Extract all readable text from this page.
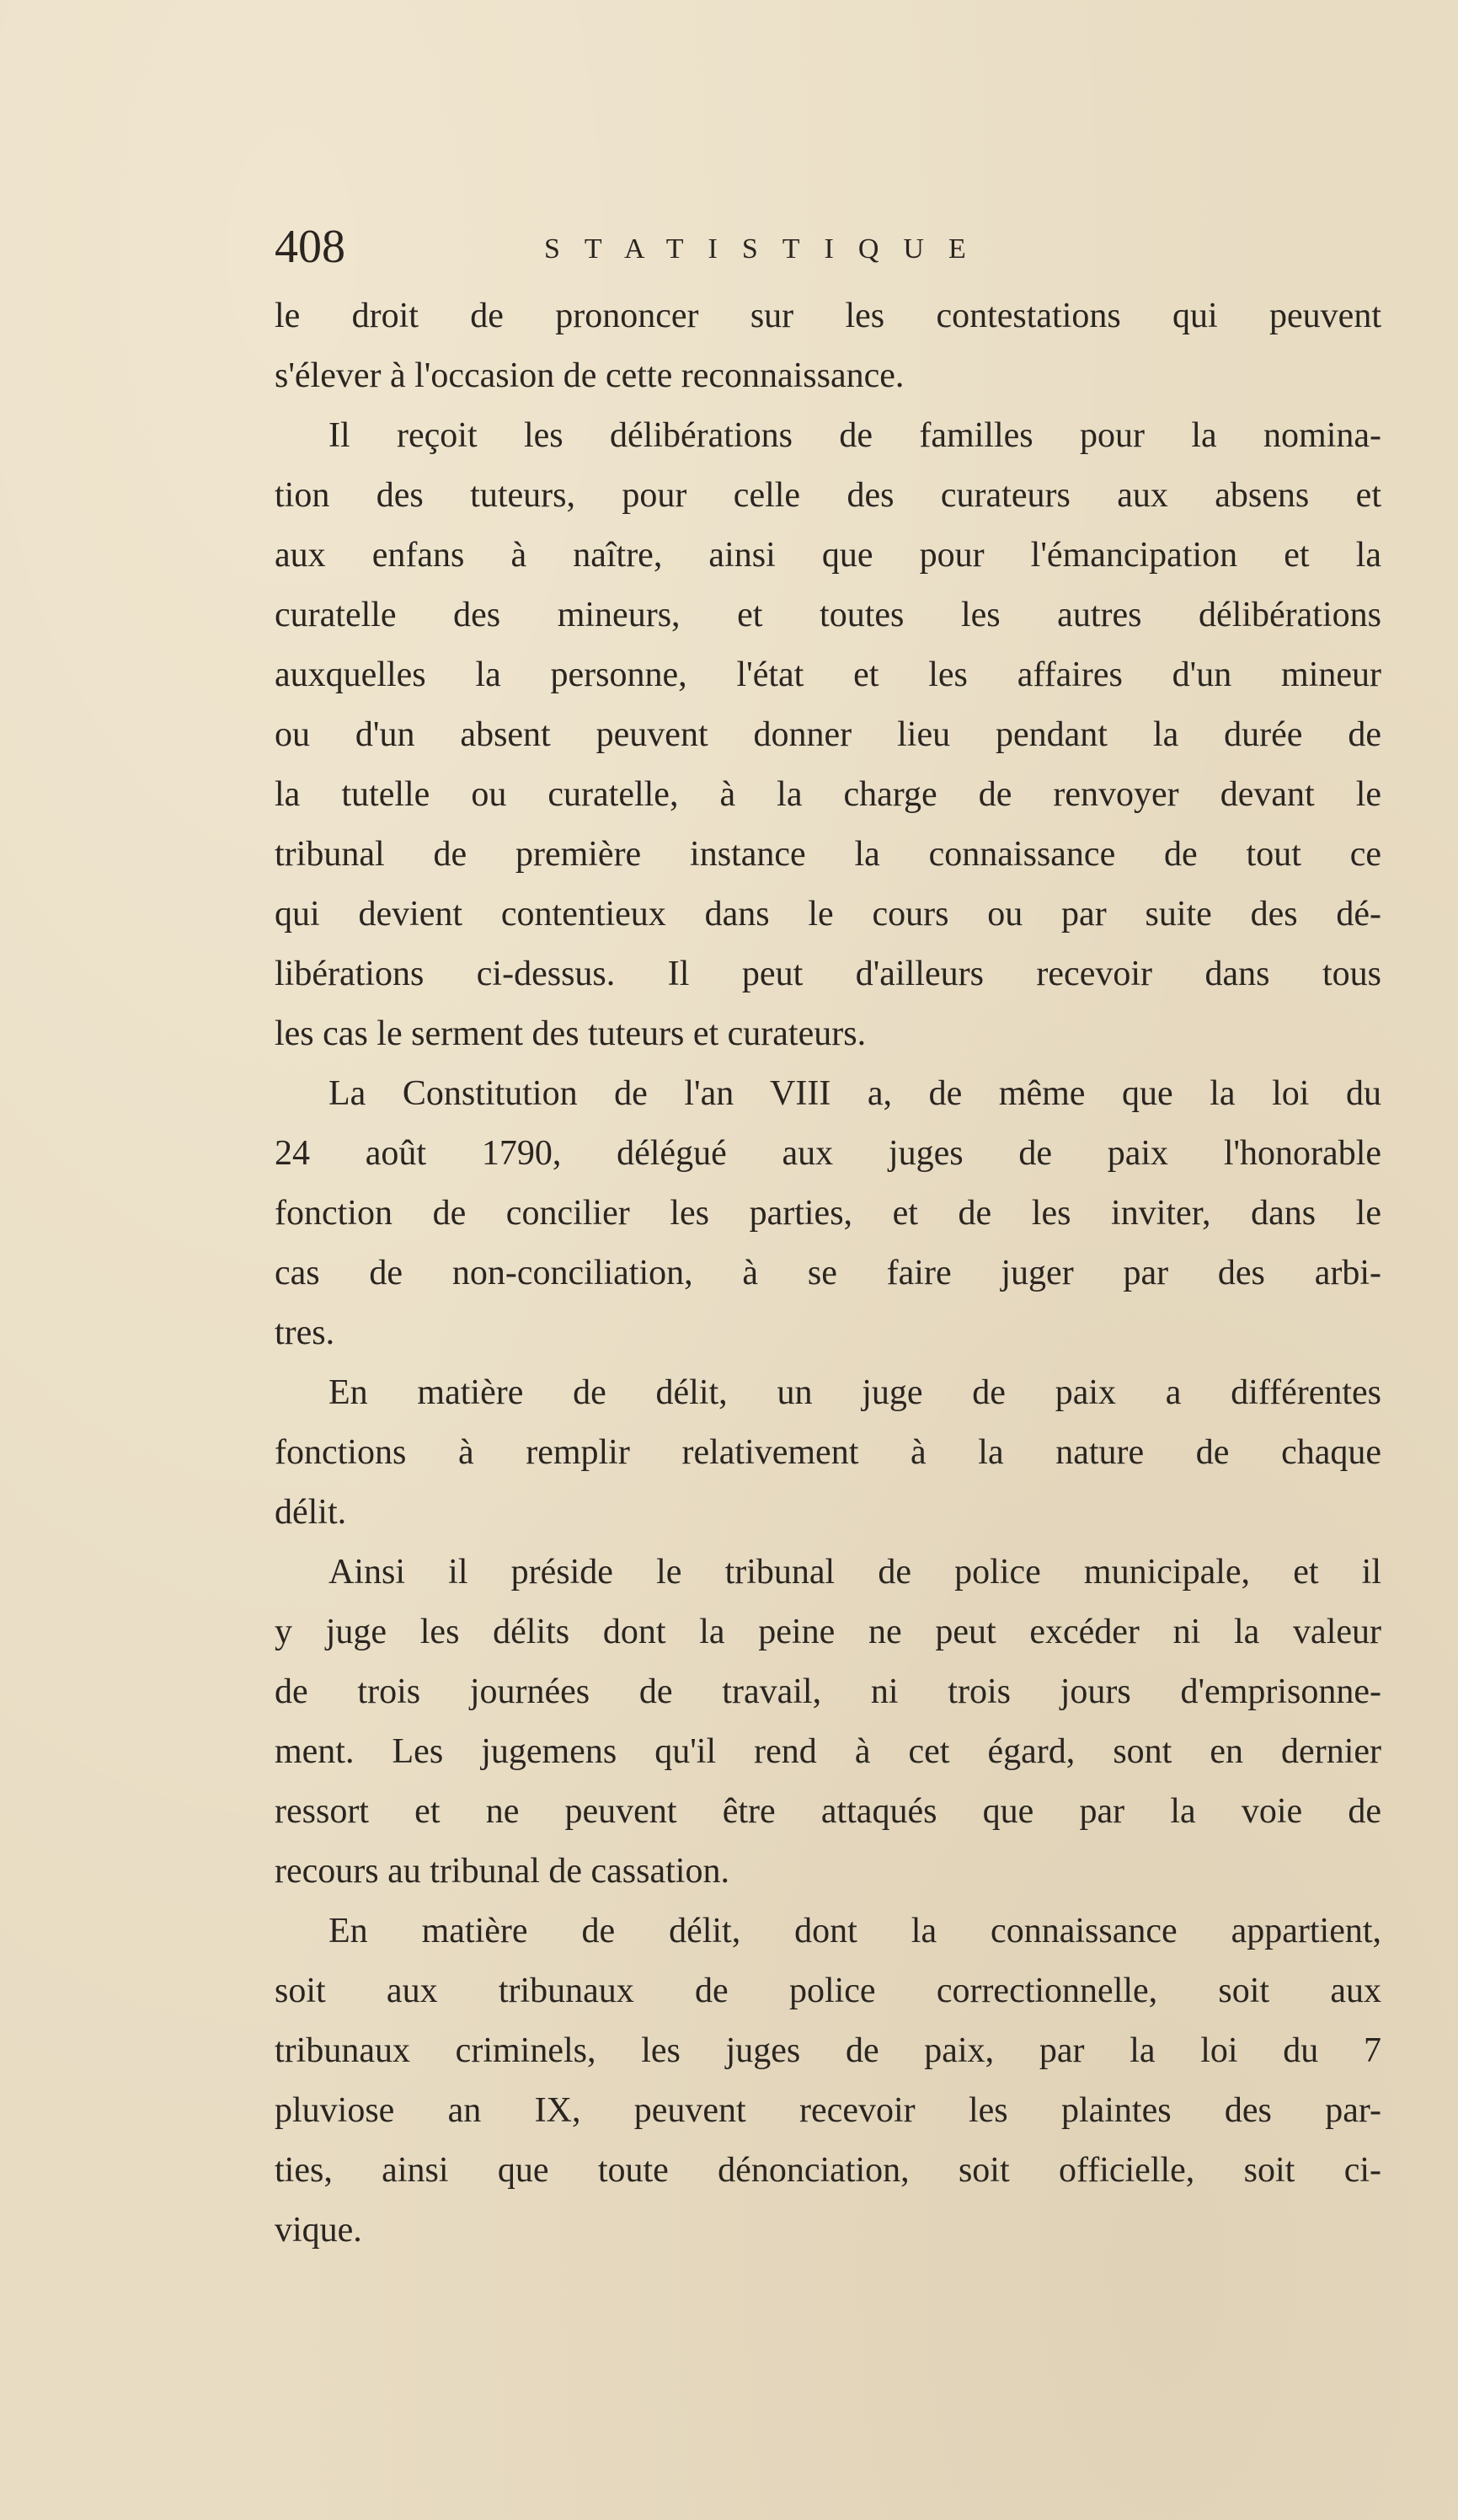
408	STATISTIQUE
le droit de prononcer sur les contestations qui peuvent
s'élever à l'occasion de cette reconnaissance.
Il reçoit les délibérations de familles pour la nomina-
tion des tuteurs, pour celle des curateurs aux absens et
aux enfans à naître, ainsi que pour l'émancipation et la
curatelle des mineurs, et toutes les autres délibérations
auxquelles la personne, l'état et les affaires d'un mineur
ou d'un absent peuvent donner lieu pendant la durée de
la tutelle ou curatelle, à la charge de renvoyer devant le
tribunal de première instance la connaissance de tout ce
qui devient contentieux dans le cours ou par suite des dé-
libérations ci-dessus. Il peut d'ailleurs recevoir dans tous
les cas le serment des tuteurs et curateurs.
La Constitution de l'an VIII a, de même que la loi du
24 août 1790, délégué aux juges de paix l'honorable
fonction de concilier les parties, et de les inviter, dans le
cas de non-conciliation, à se faire juger par des arbi-
tres.
En matière de délit, un juge de paix a différentes
fonctions à remplir relativement à la nature de chaque
délit.
Ainsi il préside le tribunal de police municipale, et il
y juge les délits dont la peine ne peut excéder ni la valeur
de trois journées de travail, ni trois jours d'emprisonne-
ment. Les jugemens qu'il rend à cet égard, sont en dernier
ressort et ne peuvent être attaqués que par la voie de
recours au tribunal de cassation.
En matière de délit, dont la connaissance appartient,
soit aux tribunaux de police correctionnelle, soit aux
tribunaux criminels, les juges de paix, par la loi du 7
pluviose an IX, peuvent recevoir les plaintes des par-
ties, ainsi que toute dénonciation, soit officielle, soit ci-
vique.
